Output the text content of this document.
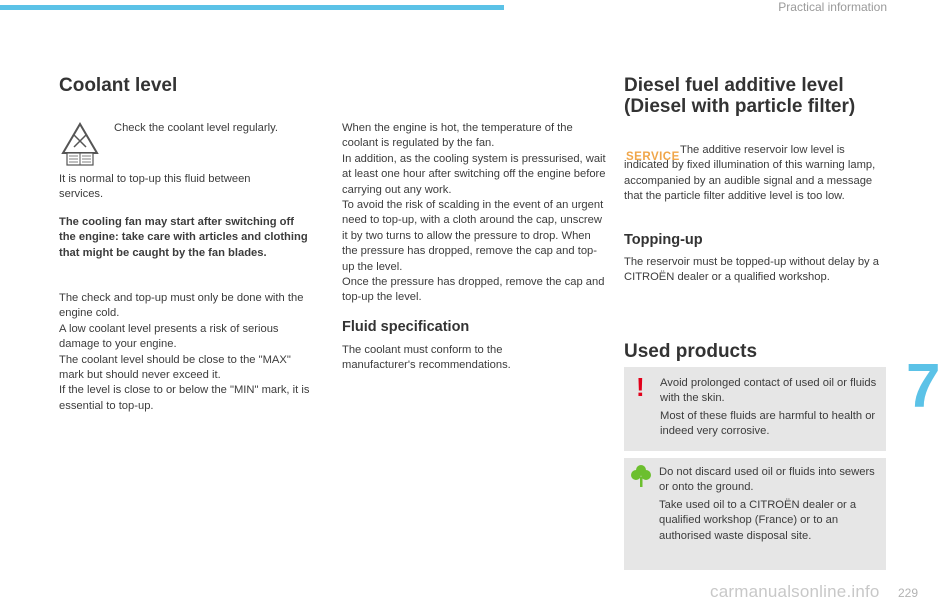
Practical information
Coolant level

Check the coolant level regularly.

It is normal to top-up this fluid between services.

The cooling fan may start after switching off the engine: take care with articles and clothing that might be caught by the fan blades.

The check and top-up must only be done with the engine cold.

A low coolant level presents a risk of serious damage to your engine.

The coolant level should be close to the "MAX" mark but should never exceed it.

If the level is close to or below the "MIN" mark, it is essential to top-up.

When the engine is hot, the temperature of the coolant is regulated by the fan.

In addition, as the cooling system is pressurised, wait at least one hour after switching off the engine before carrying out any work.

To avoid the risk of scalding in the event of an urgent need to top-up, with a cloth around the cap, unscrew it by two turns to allow the pressure to drop. When the pressure has dropped, remove the cap and top-up the level.

Once the pressure has dropped, remove the cap and top-up the level.

Fluid specification

The coolant must conform to the manufacturer's recommendations.

Diesel fuel additive level
(Diesel with particle filter)
SERVICE

The additive reservoir low level is indicated by fixed illumination of this warning lamp, accompanied by an audible signal and a message that the particle filter additive level is too low.

Topping-up

The reservoir must be topped-up without delay by a CITROËN dealer or a qualified workshop.

Used products
! Avoid prolonged contact of used oil or fluids with the skin.

Most of these fluids are harmful to health or indeed very corrosive.

Do not discard used oil or fluids into sewers or onto the ground.

Take used oil to a CITROËN dealer or a qualified workshop (France) or to an authorised waste disposal site.

7
carmanualsonline.info 229
